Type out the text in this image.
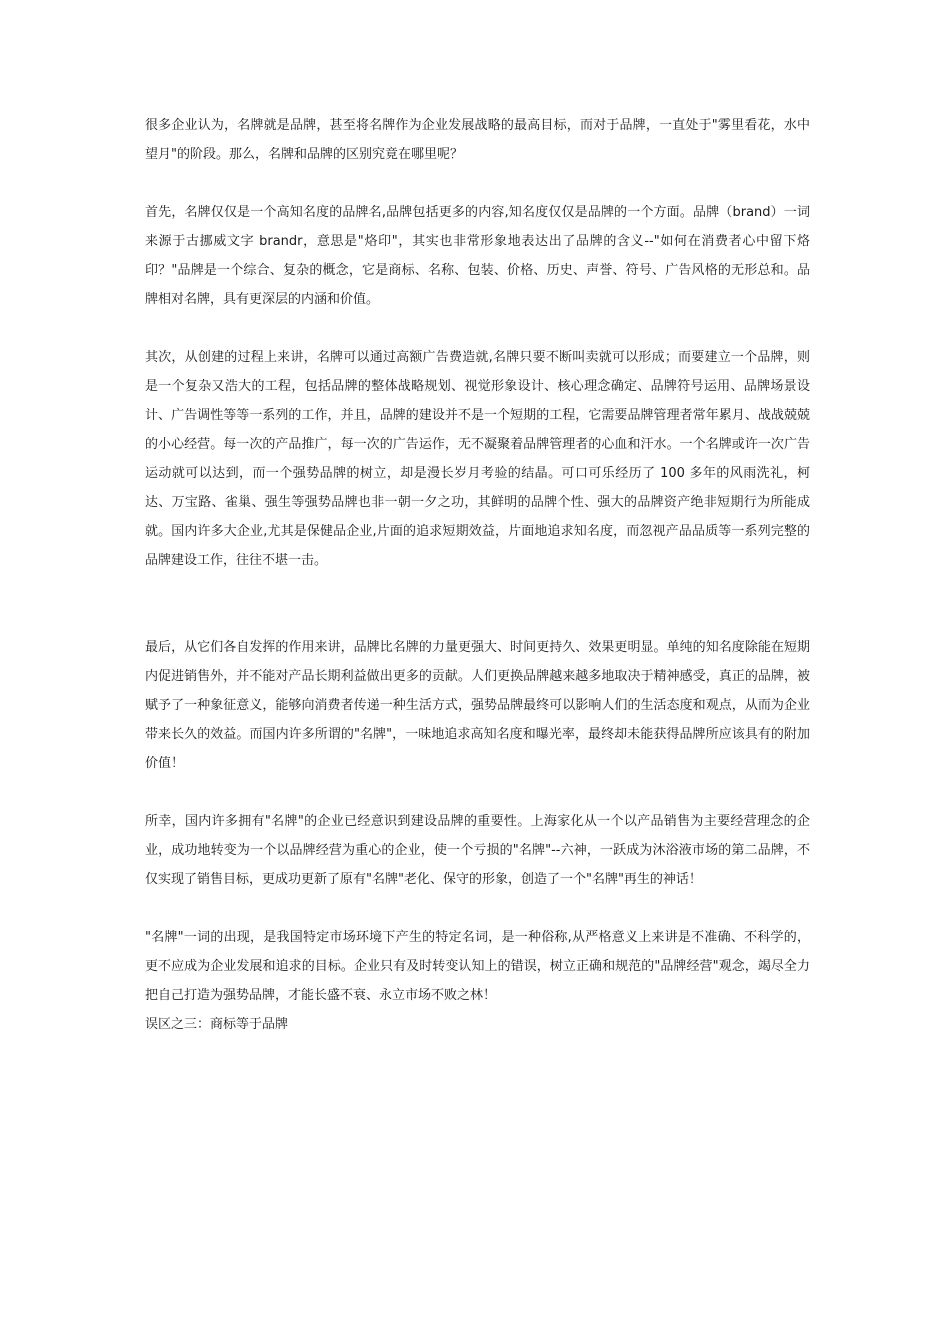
很多企业认为，名牌就是品牌，甚至将名牌作为企业发展战略的最高目标，而对于品牌，一直处于"雾里看花，水中望月"的阶段。那么，名牌和品牌的区别究竟在哪里呢？

首先，名牌仅仅是一个高知名度的品牌名,品牌包括更多的内容,知名度仅仅是品牌的一个方面。品牌（brand）一词来源于古挪威文字 brandr，意思是"烙印"，其实也非常形象地表达出了品牌的含义--"如何在消费者心中留下烙印？"品牌是一个综合、复杂的概念，它是商标、名称、包装、价格、历史、声誉、符号、广告风格的无形总和。品牌相对名牌，具有更深层的内涵和价值。

其次，从创建的过程上来讲，名牌可以通过高额广告费造就,名牌只要不断叫卖就可以形成；而要建立一个品牌，则是一个复杂又浩大的工程，包括品牌的整体战略规划、视觉形象设计、核心理念确定、品牌符号运用、品牌场景设计、广告调性等等一系列的工作，并且，品牌的建设并不是一个短期的工程，它需要品牌管理者常年累月、战战兢兢的小心经营。每一次的产品推广，每一次的广告运作，无不凝聚着品牌管理者的心血和汗水。一个名牌或许一次广告运动就可以达到，而一个强势品牌的树立，却是漫长岁月考验的结晶。可口可乐经历了 100 多年的风雨洗礼，柯达、万宝路、雀巢、强生等强势品牌也非一朝一夕之功，其鲜明的品牌个性、强大的品牌资产绝非短期行为所能成就。国内许多大企业,尤其是保健品企业,片面的追求短期效益，片面地追求知名度，而忽视产品品质等一系列完整的品牌建设工作，往往不堪一击。

最后，从它们各自发挥的作用来讲，品牌比名牌的力量更强大、时间更持久、效果更明显。单纯的知名度除能在短期内促进销售外，并不能对产品长期利益做出更多的贡献。人们更换品牌越来越多地取决于精神感受，真正的品牌，被赋予了一种象征意义，能够向消费者传递一种生活方式，强势品牌最终可以影响人们的生活态度和观点，从而为企业带来长久的效益。而国内许多所谓的"名牌"，一味地追求高知名度和曝光率，最终却未能获得品牌所应该具有的附加价值！

所幸，国内许多拥有"名牌"的企业已经意识到建设品牌的重要性。上海家化从一个以产品销售为主要经营理念的企业，成功地转变为一个以品牌经营为重心的企业，使一个亏损的"名牌"--六神，一跃成为沐浴液市场的第二品牌，不仅实现了销售目标，更成功更新了原有"名牌"老化、保守的形象，创造了一个"名牌"再生的神话！

"名牌"一词的出现，是我国特定市场环境下产生的特定名词，是一种俗称,从严格意义上来讲是不准确、不科学的，更不应成为企业发展和追求的目标。企业只有及时转变认知上的错误，树立正确和规范的"品牌经营"观念，竭尽全力把自己打造为强势品牌，才能长盛不衰、永立市场不败之林！

误区之三：商标等于品牌
